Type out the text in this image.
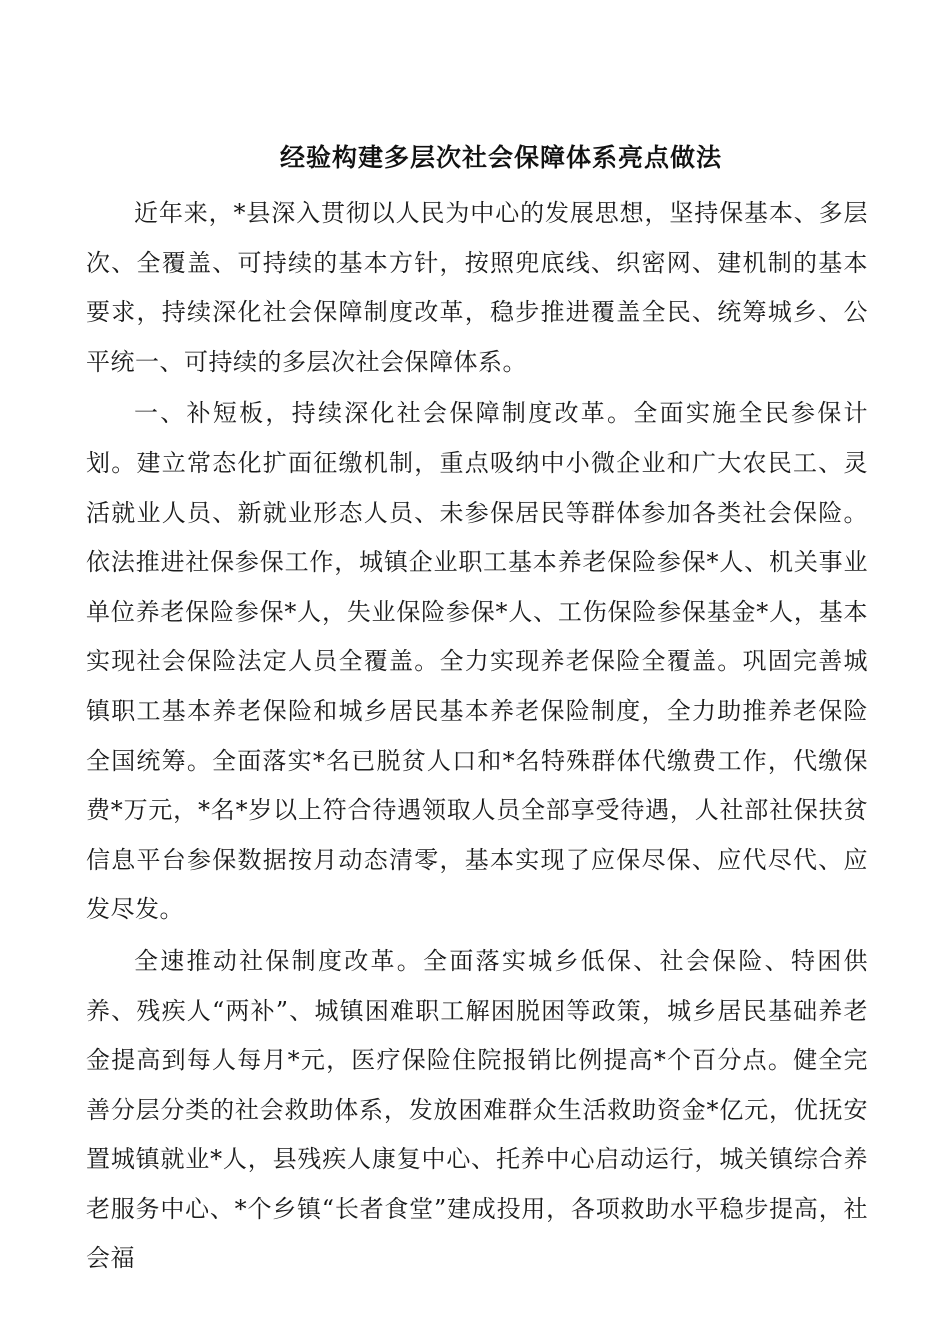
经验构建多层次社会保障体系亮点做法

近年来，*县深入贯彻以人民为中心的发展思想，坚持保基本、多层次、全覆盖、可持续的基本方针，按照兜底线、织密网、建机制的基本要求，持续深化社会保障制度改革，稳步推进覆盖全民、统筹城乡、公平统一、可持续的多层次社会保障体系。

一、补短板，持续深化社会保障制度改革。全面实施全民参保计划。建立常态化扩面征缴机制，重点吸纳中小微企业和广大农民工、灵活就业人员、新就业形态人员、未参保居民等群体参加各类社会保险。依法推进社保参保工作，城镇企业职工基本养老保险参保*人、机关事业单位养老保险参保*人，失业保险参保*人、工伤保险参保基金*人，基本实现社会保险法定人员全覆盖。全力实现养老保险全覆盖。巩固完善城镇职工基本养老保险和城乡居民基本养老保险制度，全力助推养老保险全国统筹。全面落实*名已脱贫人口和*名特殊群体代缴费工作，代缴保费*万元，*名*岁以上符合待遇领取人员全部享受待遇，人社部社保扶贫信息平台参保数据按月动态清零，基本实现了应保尽保、应代尽代、应发尽发。

全速推动社保制度改革。全面落实城乡低保、社会保险、特困供养、残疾人“两补”、城镇困难职工解困脱困等政策，城乡居民基础养老金提高到每人每月*元，医疗保险住院报销比例提高*个百分点。健全完善分层分类的社会救助体系，发放困难群众生活救助资金*亿元，优抚安置城镇就业*人，县残疾人康复中心、托养中心启动运行，城关镇综合养老服务中心、*个乡镇“长者食堂”建成投用，各项救助水平稳步提高，社会福
